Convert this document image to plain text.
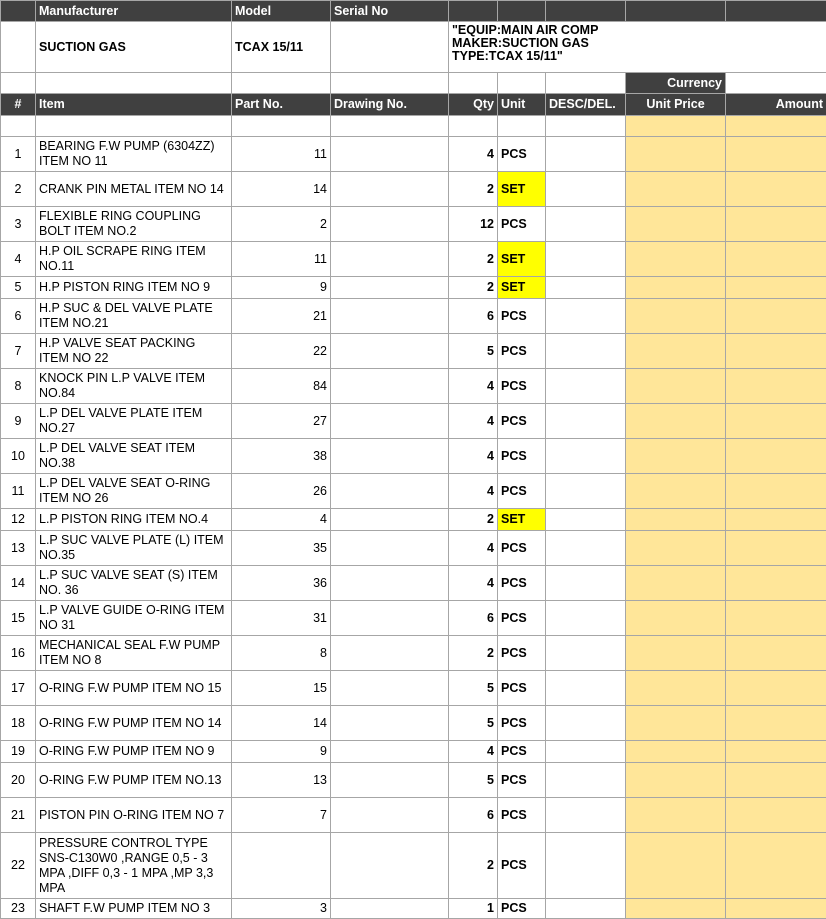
	Manufacturer	Model	Serial No					
	SUCTION GAS	TCAX 15/11		"EQUIP:MAIN AIR COMP
MAKER:SUCTION GAS
TYPE:TCAX 15/11"				
							Currency	
#	Item	Part No.	Drawing No.	Qty	Unit	DESC/DEL.	Unit Price	Amount

1	BEARING F.W PUMP (6304ZZ) ITEM NO 11	11		4	PCS			
2	CRANK PIN METAL ITEM NO 14	14		2	SET			
3	FLEXIBLE RING COUPLING BOLT ITEM NO.2	2		12	PCS			
4	H.P OIL SCRAPE RING ITEM NO.11	11		2	SET			
5	H.P PISTON RING ITEM NO 9	9		2	SET			
6	H.P SUC & DEL VALVE PLATE ITEM NO.21	21		6	PCS			
7	H.P VALVE SEAT PACKING ITEM NO 22	22		5	PCS			
8	KNOCK PIN L.P VALVE ITEM NO.84	84		4	PCS			
9	L.P DEL VALVE PLATE ITEM NO.27	27		4	PCS			
10	L.P DEL VALVE SEAT ITEM NO.38	38		4	PCS			
11	L.P DEL VALVE SEAT O-RING ITEM NO 26	26		4	PCS			
12	L.P PISTON RING ITEM NO.4	4		2	SET			
13	L.P SUC VALVE PLATE (L) ITEM NO.35	35		4	PCS			
14	L.P SUC VALVE SEAT (S) ITEM NO. 36	36		4	PCS			
15	L.P VALVE GUIDE O-RING ITEM NO 31	31		6	PCS			
16	MECHANICAL SEAL F.W PUMP ITEM NO 8	8		2	PCS			
17	O-RING F.W PUMP ITEM NO 15	15		5	PCS			
18	O-RING F.W PUMP ITEM NO 14	14		5	PCS			
19	O-RING F.W PUMP ITEM NO 9	9		4	PCS			
20	O-RING F.W PUMP ITEM NO.13	13		5	PCS			
21	PISTON PIN O-RING ITEM NO 7	7		6	PCS			
22	PRESSURE CONTROL TYPE SNS-C130W0 ,RANGE 0,5 - 3 MPA ,DIFF 0,3 - 1 MPA ,MP 3,3 MPA			2	PCS			
23	SHAFT F.W PUMP ITEM NO 3	3		1	PCS			
